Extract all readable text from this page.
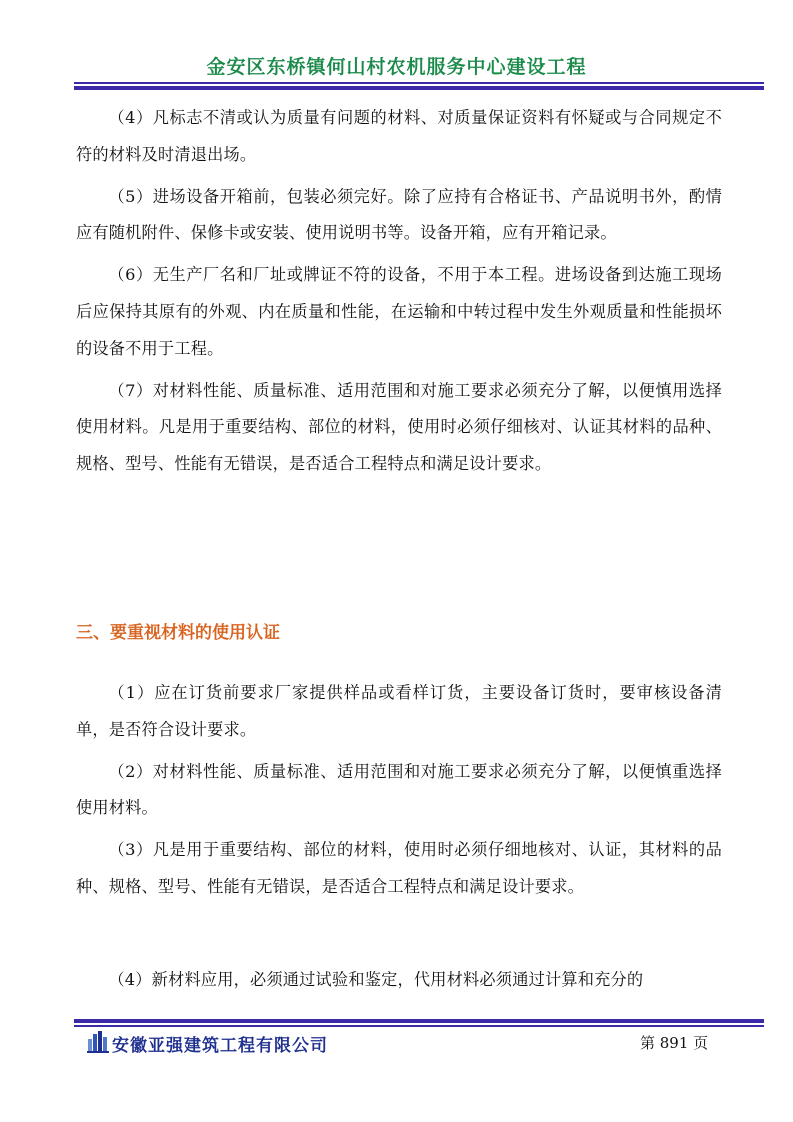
金安区东桥镇何山村农机服务中心建设工程

（4）凡标志不清或认为质量有问题的材料、对质量保证资料有怀疑或与合同规定不符的材料及时清退出场。

（5）进场设备开箱前，包装必须完好。除了应持有合格证书、产品说明书外，酌情应有随机附件、保修卡或安装、使用说明书等。设备开箱，应有开箱记录。

（6）无生产厂名和厂址或牌证不符的设备，不用于本工程。进场设备到达施工现场后应保持其原有的外观、内在质量和性能，在运输和中转过程中发生外观质量和性能损坏的设备不用于工程。

（7）对材料性能、质量标准、适用范围和对施工要求必须充分了解，以便慎用选择使用材料。凡是用于重要结构、部位的材料，使用时必须仔细核对、认证其材料的品种、规格、型号、性能有无错误，是否适合工程特点和满足设计要求。

三、要重视材料的使用认证

（1）应在订货前要求厂家提供样品或看样订货，主要设备订货时，要审核设备清单，是否符合设计要求。

（2）对材料性能、质量标准、适用范围和对施工要求必须充分了解，以便慎重选择使用材料。

（3）凡是用于重要结构、部位的材料，使用时必须仔细地核对、认证，其材料的品种、规格、型号、性能有无错误，是否适合工程特点和满足设计要求。

（4）新材料应用，必须通过试验和鉴定，代用材料必须通过计算和充分的

安徽亚强建筑工程有限公司	第 891 页
